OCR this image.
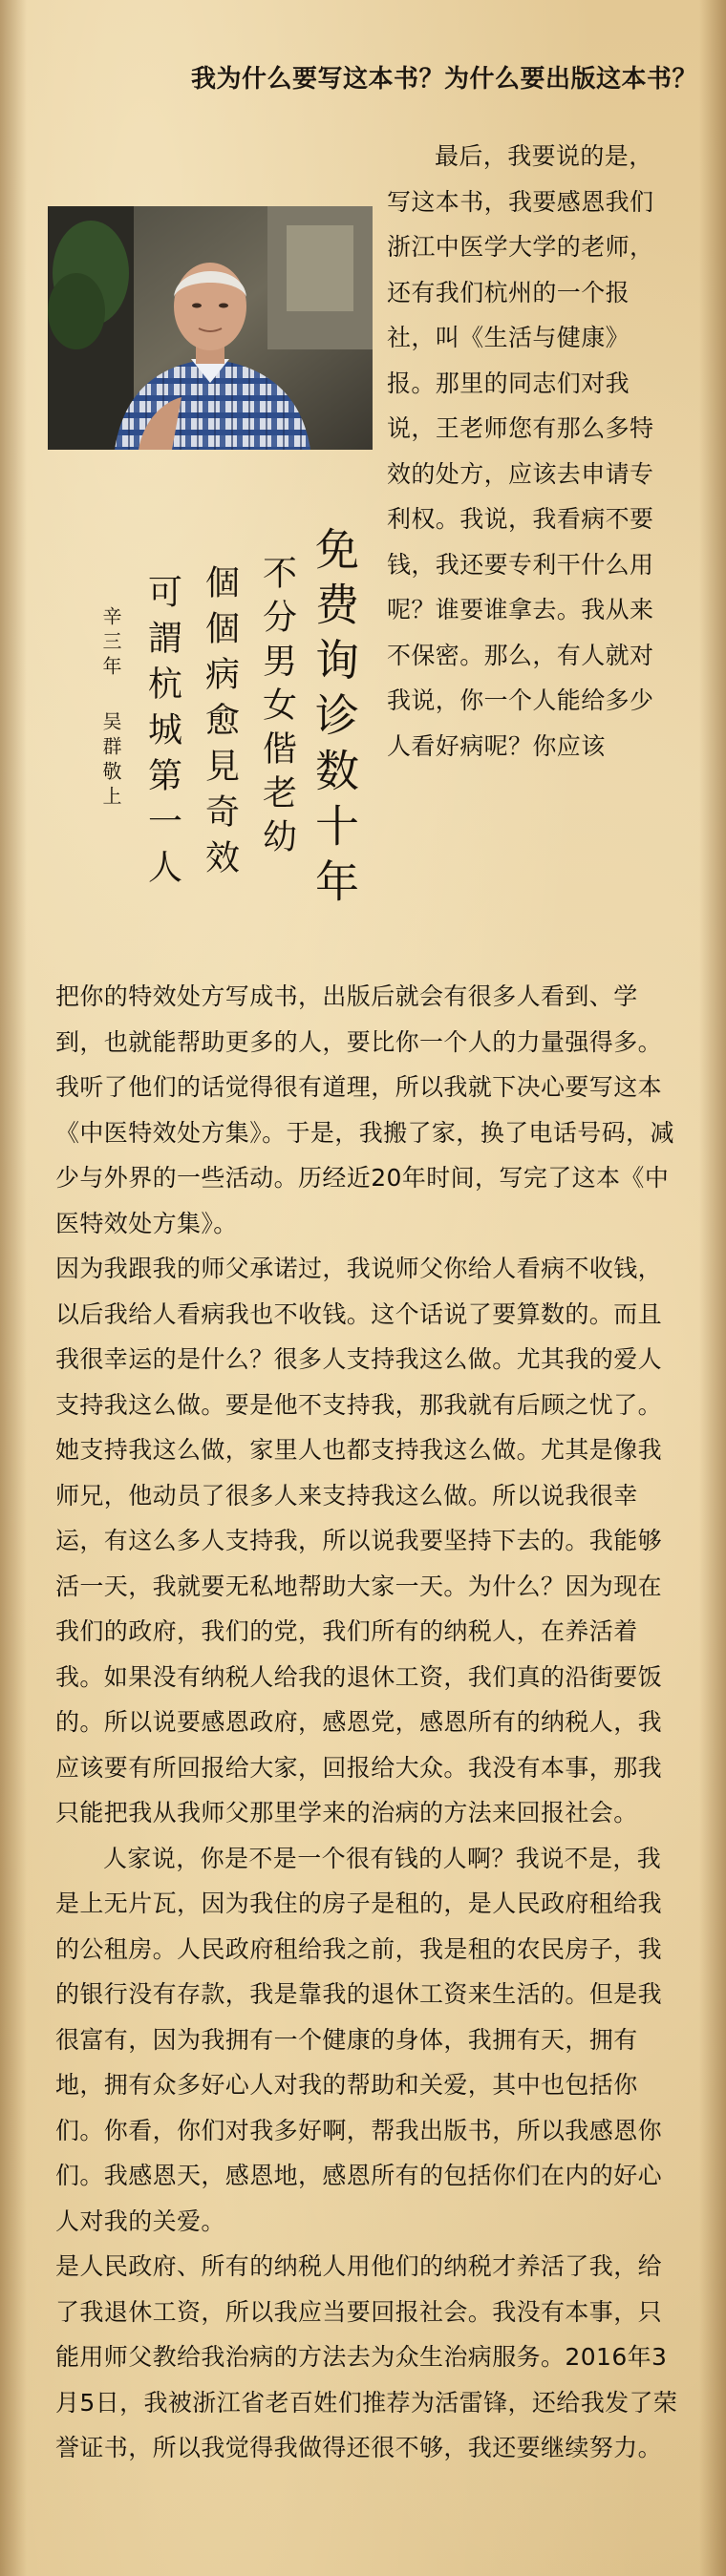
我为什么要写这本书？为什么要出版这本书？
免费询诊数十年
不分男女偕老幼
個個病愈見奇效
可謂杭城第一人
辛三年
吴群敬上

最后，我要说的是，写这本书，我要感恩我们浙江中医学大学的老师，还有我们杭州的一个报社，叫《生活与健康》报。那里的同志们对我说，王老师您有那么多特效的处方，应该去申请专利权。我说，我看病不要钱，我还要专利干什么用呢？谁要谁拿去。我从来不保密。那么，有人就对我说，你一个人能给多少人看好病呢？你应该

把你的特效处方写成书，出版后就会有很多人看到、学到，也就能帮助更多的人，要比你一个人的力量强得多。我听了他们的话觉得很有道理，所以我就下决心要写这本《中医特效处方集》。于是，我搬了家，换了电话号码，减少与外界的一些活动。历经近20年时间，写完了这本《中医特效处方集》。

因为我跟我的师父承诺过，我说师父你给人看病不收钱，以后我给人看病我也不收钱。这个话说了要算数的。而且我很幸运的是什么？很多人支持我这么做。尤其我的爱人支持我这么做。要是他不支持我，那我就有后顾之忧了。她支持我这么做，家里人也都支持我这么做。尤其是像我师兄，他动员了很多人来支持我这么做。所以说我很幸运，有这么多人支持我，所以说我要坚持下去的。我能够活一天，我就要无私地帮助大家一天。为什么？因为现在我们的政府，我们的党，我们所有的纳税人，在养活着我。如果没有纳税人给我的退休工资，我们真的沿街要饭的。所以说要感恩政府，感恩党，感恩所有的纳税人，我应该要有所回报给大家，回报给大众。我没有本事，那我只能把我从我师父那里学来的治病的方法来回报社会。

人家说，你是不是一个很有钱的人啊？我说不是，我是上无片瓦，因为我住的房子是租的，是人民政府租给我的公租房。人民政府租给我之前，我是租的农民房子，我的银行没有存款，我是靠我的退休工资来生活的。但是我很富有，因为我拥有一个健康的身体，我拥有天，拥有地，拥有众多好心人对我的帮助和关爱，其中也包括你们。你看，你们对我多好啊，帮我出版书，所以我感恩你们。我感恩天，感恩地，感恩所有的包括你们在内的好心人对我的关爱。

是人民政府、所有的纳税人用他们的纳税才养活了我，给了我退休工资，所以我应当要回报社会。我没有本事，只能用师父教给我治病的方法去为众生治病服务。2016年3月5日，我被浙江省老百姓们推荐为活雷锋，还给我发了荣誉证书，所以我觉得我做得还很不够，我还要继续努力。
